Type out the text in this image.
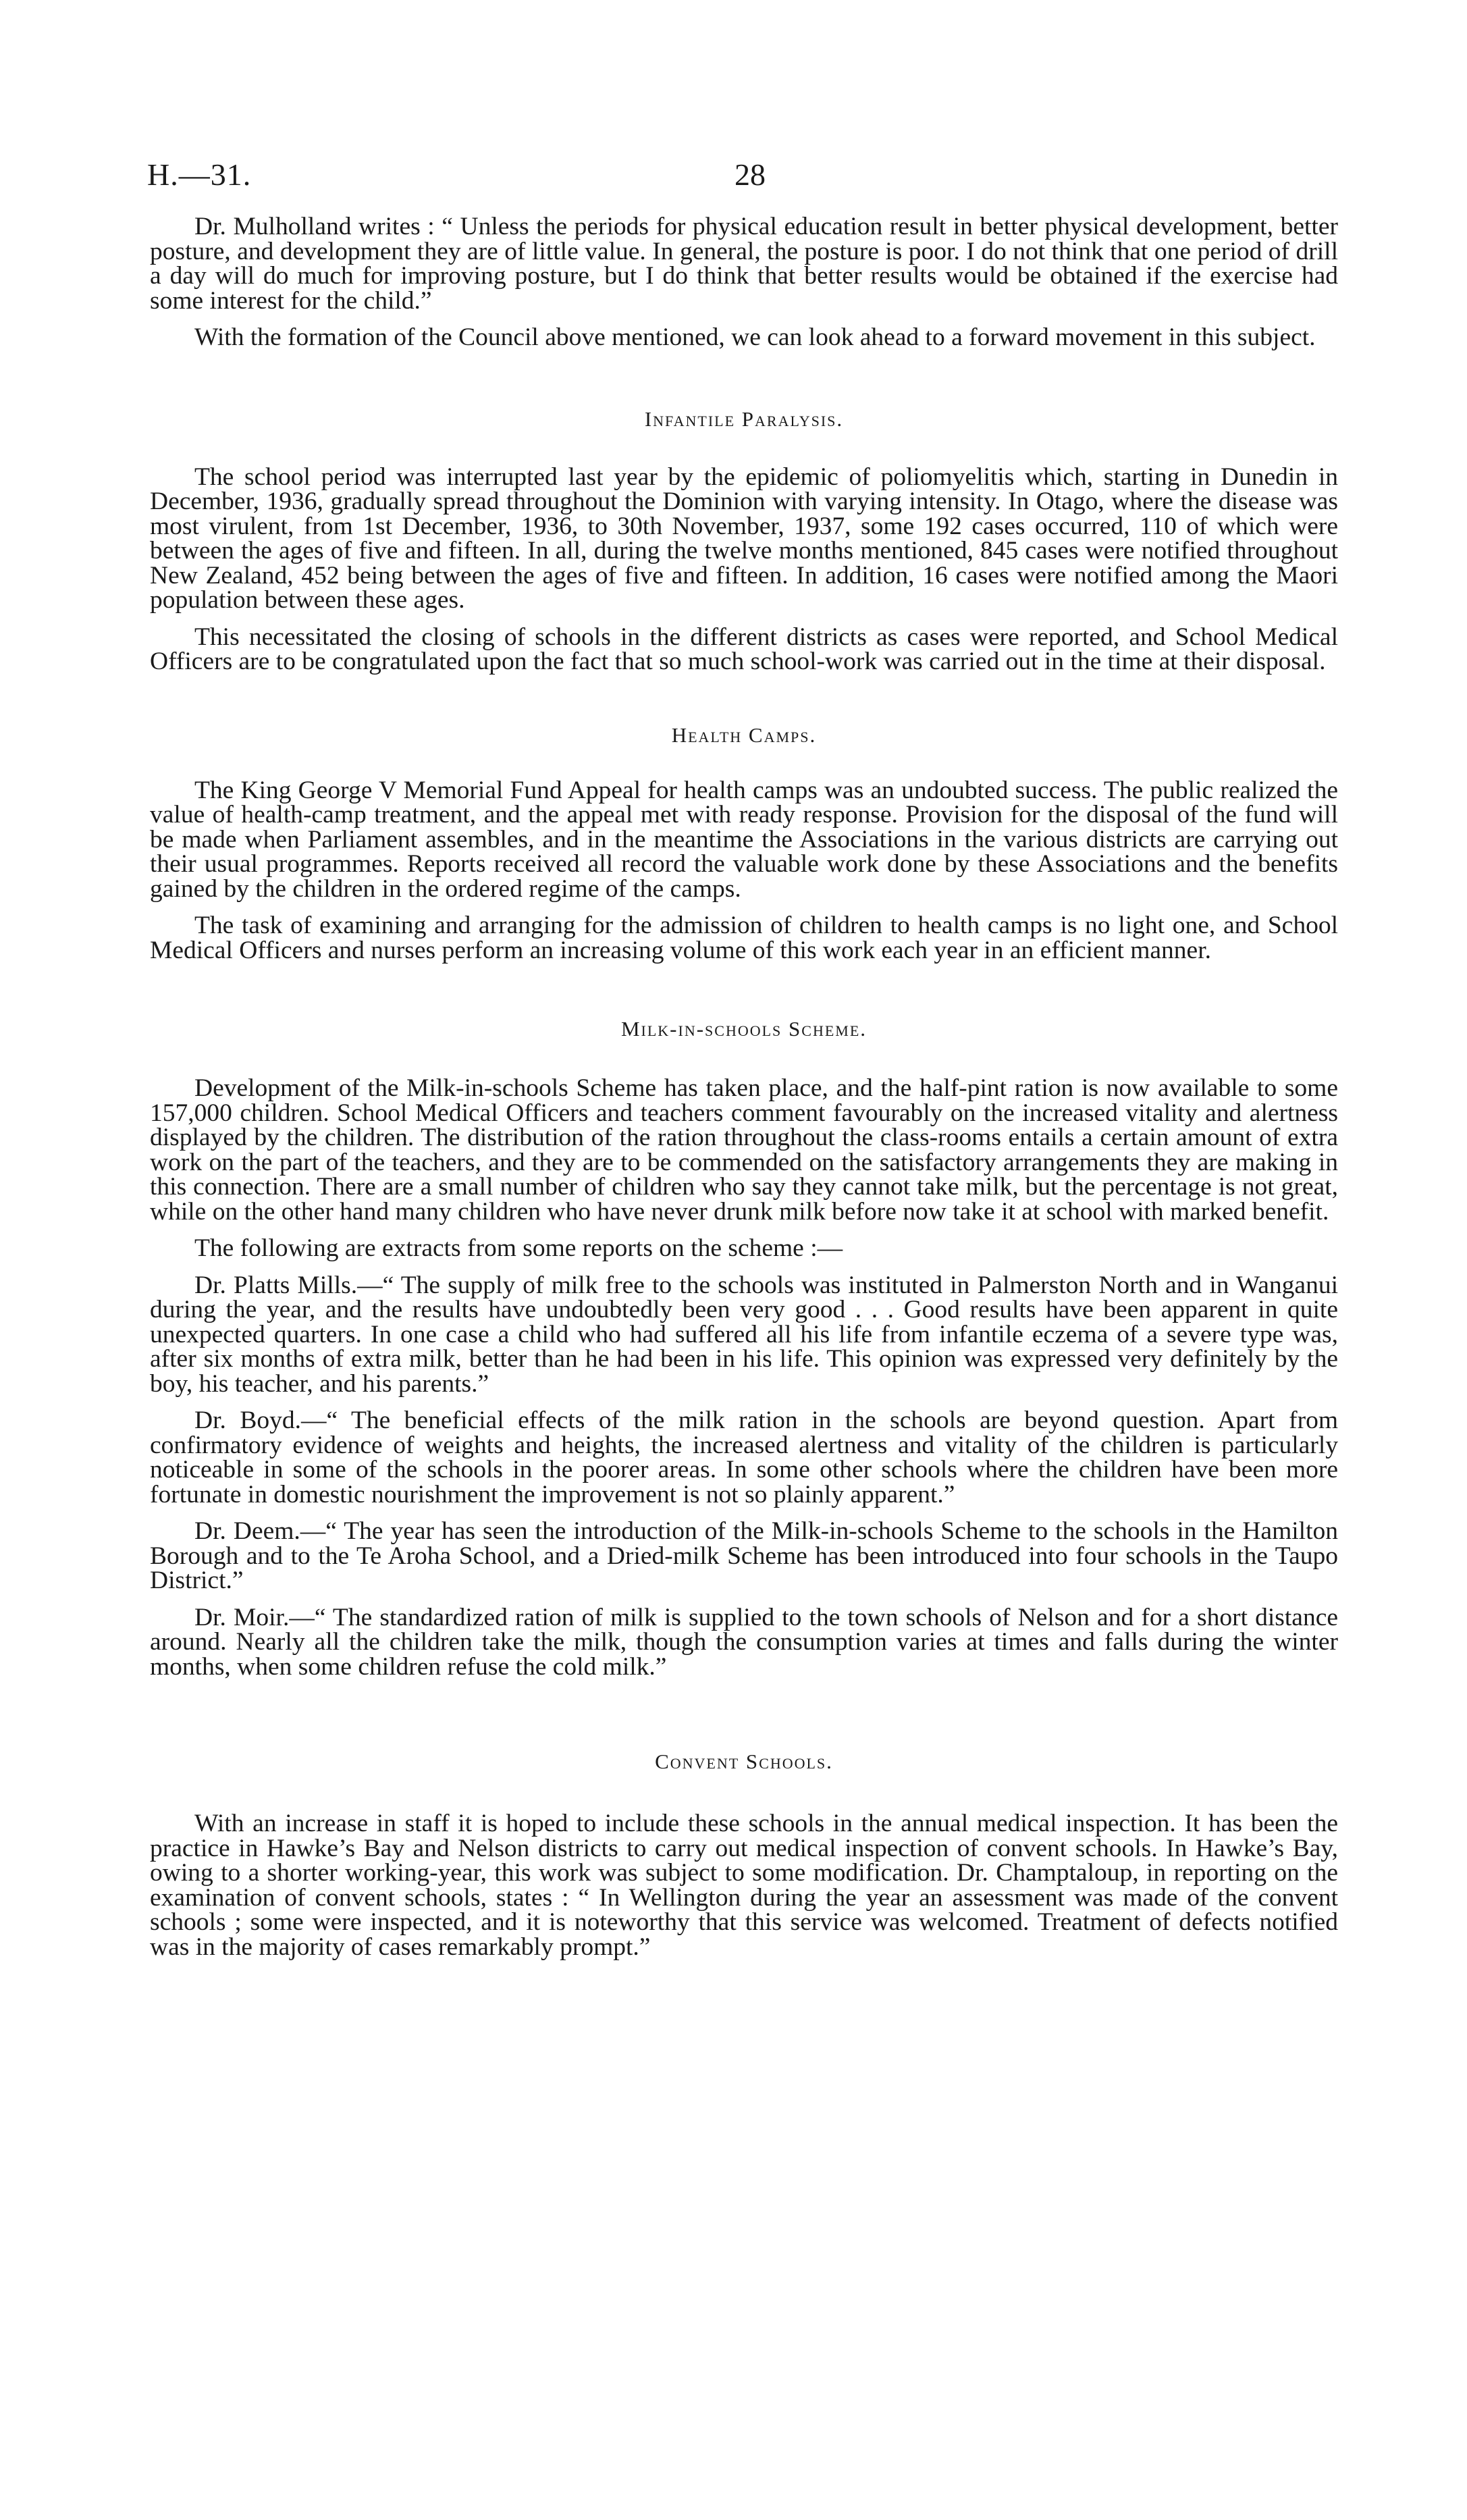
H.—31.	28

Dr. Mulholland writes : “ Unless the periods for physical education result in better physical development, better posture, and development they are of little value. In general, the posture is poor. I do not think that one period of drill a day will do much for improving posture, but I do think that better results would be obtained if the exercise had some interest for the child.”

With the formation of the Council above mentioned, we can look ahead to a forward movement in this subject.

Infantile Paralysis.

The school period was interrupted last year by the epidemic of poliomyelitis which, starting in Dunedin in December, 1936, gradually spread throughout the Dominion with varying intensity. In Otago, where the disease was most virulent, from 1st December, 1936, to 30th November, 1937, some 192 cases occurred, 110 of which were between the ages of five and fifteen. In all, during the twelve months mentioned, 845 cases were notified throughout New Zealand, 452 being between the ages of five and fifteen. In addition, 16 cases were notified among the Maori population between these ages.

This necessitated the closing of schools in the different districts as cases were reported, and School Medical Officers are to be congratulated upon the fact that so much school-work was carried out in the time at their disposal.

Health Camps.

The King George V Memorial Fund Appeal for health camps was an undoubted success. The public realized the value of health-camp treatment, and the appeal met with ready response. Provision for the disposal of the fund will be made when Parliament assembles, and in the meantime the Associations in the various districts are carrying out their usual programmes. Reports received all record the valuable work done by these Associations and the benefits gained by the children in the ordered regime of the camps.

The task of examining and arranging for the admission of children to health camps is no light one, and School Medical Officers and nurses perform an increasing volume of this work each year in an efficient manner.

Milk-in-schools Scheme.

Development of the Milk-in-schools Scheme has taken place, and the half-pint ration is now available to some 157,000 children. School Medical Officers and teachers comment favourably on the increased vitality and alertness displayed by the children. The distribution of the ration throughout the class-rooms entails a certain amount of extra work on the part of the teachers, and they are to be commended on the satisfactory arrangements they are making in this connection. There are a small number of children who say they cannot take milk, but the percentage is not great, while on the other hand many children who have never drunk milk before now take it at school with marked benefit.

The following are extracts from some reports on the scheme :—

Dr. Platts Mills.—“ The supply of milk free to the schools was instituted in Palmerston North and in Wanganui during the year, and the results have undoubtedly been very good . . . Good results have been apparent in quite unexpected quarters. In one case a child who had suffered all his life from infantile eczema of a severe type was, after six months of extra milk, better than he had been in his life. This opinion was expressed very definitely by the boy, his teacher, and his parents.”

Dr. Boyd.—“ The beneficial effects of the milk ration in the schools are beyond question. Apart from confirmatory evidence of weights and heights, the increased alertness and vitality of the children is particularly noticeable in some of the schools in the poorer areas. In some other schools where the children have been more fortunate in domestic nourishment the improvement is not so plainly apparent.”

Dr. Deem.—“ The year has seen the introduction of the Milk-in-schools Scheme to the schools in the Hamilton Borough and to the Te Aroha School, and a Dried-milk Scheme has been introduced into four schools in the Taupo District.”

Dr. Moir.—“ The standardized ration of milk is supplied to the town schools of Nelson and for a short distance around. Nearly all the children take the milk, though the consumption varies at times and falls during the winter months, when some children refuse the cold milk.”

Convent Schools.

With an increase in staff it is hoped to include these schools in the annual medical inspection. It has been the practice in Hawke’s Bay and Nelson districts to carry out medical inspection of convent schools. In Hawke’s Bay, owing to a shorter working-year, this work was subject to some modification. Dr. Champtaloup, in reporting on the examination of convent schools, states : “ In Wellington during the year an assessment was made of the convent schools ; some were inspected, and it is noteworthy that this service was welcomed. Treatment of defects notified was in the majority of cases remarkably prompt.”
